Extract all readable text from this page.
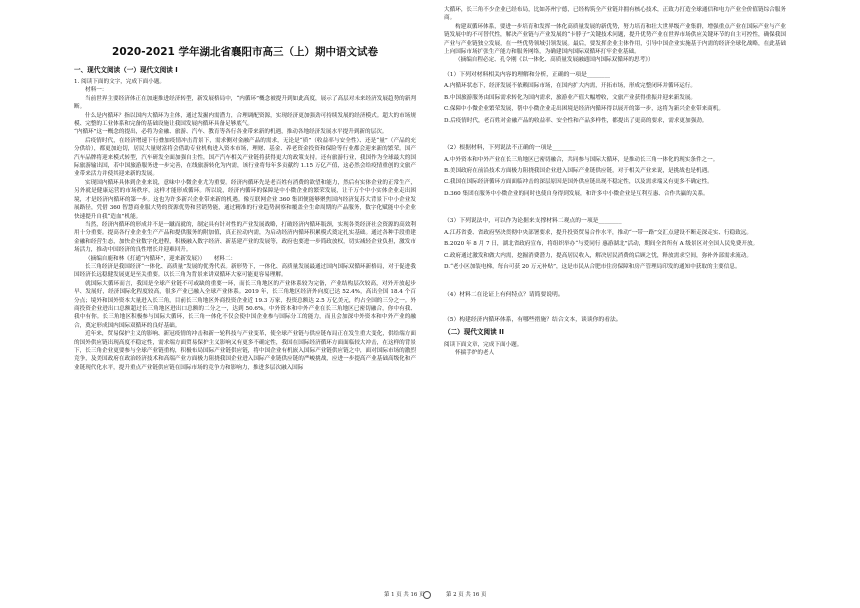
2020-2021 学年湖北省襄阳市高三（上）期中语文试卷
一、现代文阅读（一）现代文阅读 I

1. 阅读下面的文字，完成下面小题。

材料一：

当前世界主要经济体正在加速推进经济转型，新发展格局中，“内循环”概念被提升到如此高度，展示了高层对未来经济发展趋势的新判断。

什么是内循环？指以国内大循环为主体，通过发掘内需潜力，合理调配资源，实现经济更加强劲可持续发展的经济模式。超大的市场规模、完整的工业体系和完备的基础设施让我国发展内循环具备足够底气。

“内循环”这一概念的提出，必将为金融、旅游、汽车、教育等各行各业带来新的机遇，推动各地经济发展水平提升到新的层次。

后疫情时代，在经济增速下行叠加疫情冲击背景下，需求侧对金融产品的需求，无论是“质”（收益率与安全性）、还是“量”（产品的充分供给），都更加迫切，居民大量财富将会借助专业机构进入资本市场，理财、基金、养老资金投资和保险等行业都会迎来新的繁荣。国产汽车品牌将迎来模式转型，汽车研发全面加强自主性，国产汽车相关产业链将获得更大的政策支持。还有旅游行业，我国作为全球最大的国际旅游输出国，若中国旅游服务进一步完善，在线旅游转化为内需，该行业将每年多贡献约 1.15 万亿产值，这必然会给疫情重创的文旅产业带来活力并使其迎来新的发展。

实现国内循环具体到企业来说，意味中小微企业尤为重要。经济内循环先是老百姓有消费的欲望和能力，然后有实体企业的正常生产，另外就是健康运营的市场秩序，这样才能形成循环。所以说，经济内循环的保障是中小微企业的繁荣发展，让千万个中小实体企业走出困境，才是经济内循环的第一步。这也为许多新兴企业带来新的机遇。像互联网企业 360 集团便能够聚焦国内经济复苏大背景下中小企业发展路径，凭借 360 智慧商业服大势的资源优势和营销势能，通过精准的行业趋势洞察和覆盖全生命周期的产品服务，数字化赋能中小企业快速提升自我“造血”机能。

当然，经济内循环的形成并不是一蹴而就的，制定具有针对性的产业发展战略，打破经济内循环瓶颈，实现各类经济社会资源的高效利用十分重要。提高各行业企业生产产品和提供服务的附加值，真正拉动内需，为启动经济内循环积累模式奠定扎实基础。通过各种手段重建金融和经营生态，加快企业数字化进程，积极融入数字经济、新基建产业的发展等，政府也要进一步简政放权，切实减轻企业负担，激发市场活力，推动中国经济的良性增长并迎难回升。

（摘编自鹿和林《打通“内循环”，迎来新发展》）　　材料二：

长三角经济是我国经济“一体化、高质量”发展的优秀代表。新形势下，一体化、高质量发展最通过国内国际双循环新格局，对于促进我国经济长远稳健发展更是至关重要。以长三角为背景来讲双循环大家可能更容易理解。

就国际大循环而言，我国是全球产业链不可或缺的重要一环，而长三角地区的产业体系较为完备，产业结构层次较高，对外开放起步早、发展好，经济国际化程度较高，很多产业已融入全球产业体系。2019 年，长三角地区经济外向度已达 52.4%，高出全国 18.4 个百分点；境外和国外资本大量进入长三角，目前长三角地区外商投资企业近 19.3 万家，投资总额达 2.5 万亿美元，约占全国的三分之一。外商投资企业进出口总额超过长三角地区进出口总额的二分之一，达到 50.6%。中外资本和中外产业在长三角地区已密切融合，你中有我、我中有你。长三角地区积极参与国际大循环，长三角一体化不仅会使中国企业参与国际分工的能力，而且会加深中外资本和中外产业的融合，奠定形成国内国际双循环的良好基础。

近年来，贸易保护主义的影响、新冠疫情的冲击和新一轮科技与产业变革，使全球产业链与供应链布局正在发生重大变化，供给端方面的国外供应链出现高度不稳定性，需求端方面贸易保护主义影响又有更多不确定性，我国在国际经济循环方面面临较大冲击，在这样的背景下，长三角企业更要参与全球产业链重构，积极布局国际产业链供应链，将中国企业有机嵌入国际产业链供应链之中，面对国际市场的激烈竞争，及美国政府在政治经济技术和高端产业方面极力阻挠我国企业进入国际产业链供应链的严峻挑战，应进一步提高产业基础高级化和产业链现代化水平，提升重点产业链供应链在国际市场的竞争力和影响力，推进多层次融入国际

大循环，长三角不少企业已经布局，比如苏州宁德，已经构筑全产业链并拥有核心技术，正致力打造全球通信和电力产业全价值链综合服务商。

构建双循环体系，要进一步培育和发挥一体化高质量发展的新优势，努力培育和壮大世界级产业集群，增强重点产业在国际产业与产业链发展中的不可替代性，解决产业链与产业发展的“卡脖子”关键技术问题，提升优势产业在世界市场供应关键环节的自主可控性，确保我国产业与产业链独立发展，在一些优势领域引领发展。最后，要发挥企业主体作用，引导中国企业实施基于内需的经济全球化战略，在此基础上向国际市场扩张生产能力和服务网络，为确建国内国际双循环打牢企业基础。

（摘编自程必定、孔令刚《以一体化、高质量发展融通国内国际双循环的思考》）

（1）下列对材料相关内容的理解和分析，正确的一项是________

A.内循环状态下，经济发展不依赖国际市场，在国内扩大内需，开拓市场，形成完整闭环并循环运行。

B.中国旅游服务由国际需求转化为国内需求，旅游业产值大幅增收，文旅产业获得重振并迎来新发展。

C.保障中小微企业繁荣发展，帮中小微企业走出困境是经济内循环得以展开的第一步，这将为新兴企业带来商机。

D.后疫情时代，老百姓对金融产品的收益率、安全性和产品多样性，都提出了更高的要求，需求更加强劲。

（2）根据材料，下列说法不正确的一项是________

A.中外资本和中外产业在长三角地区已密切融合，共同参与国际大循环，是推动长三角一体化的现实条件之一。

B.美国政府在前沿技术方面极力阻挠我国企业进入国际产业链供应链，对于相关产业来说，是挑战也是机遇。

C.我国在国际经济循环方面面临冲击的深层原因是国外供应链出现不稳定性，以及需求端又有更多不确定性。

D.360 集团在服务中小微企业的同时也使自身得到发展，和许多中小微企业是互利互惠、合作共赢的关系。

（3）下列说法中，可以作为论据来支撑材料二观点的一项是________

A.江苏省委、省政府坚决贯彻中央部署要求，提升投资贸易合作水平，推动“一带一路”交汇点建设不断走深走实、行稳致远。

B.2020 年 8 月 7 日，湖北省政府宣布，将组织举办“与爱同行 惠游湖北”活动，期间全省所有 A 级景区对全国人民免费开放。

C.政府通过激发和做大内需，挖掘消费潜力，提高居民收入，解决居民消费的后顾之忧，释放需求空间，弥补外部需求流动。

D.“老小区加装电梯，每台可获 20 万元补贴”，这是市民从合肥市住房保障和房产管理局印发的通知中获取的主要信息。

（4）材料二在论证上有何特点？请简要说明。

（5）构建经济内循环体系，有哪些措施？结合文本，谈谈你的看法。

（二）现代文阅读 II

阅读下面文章，完成下面小题。

怀揣手炉的老人

第 1 页 共 16 页	第 2 页 共 16 页
